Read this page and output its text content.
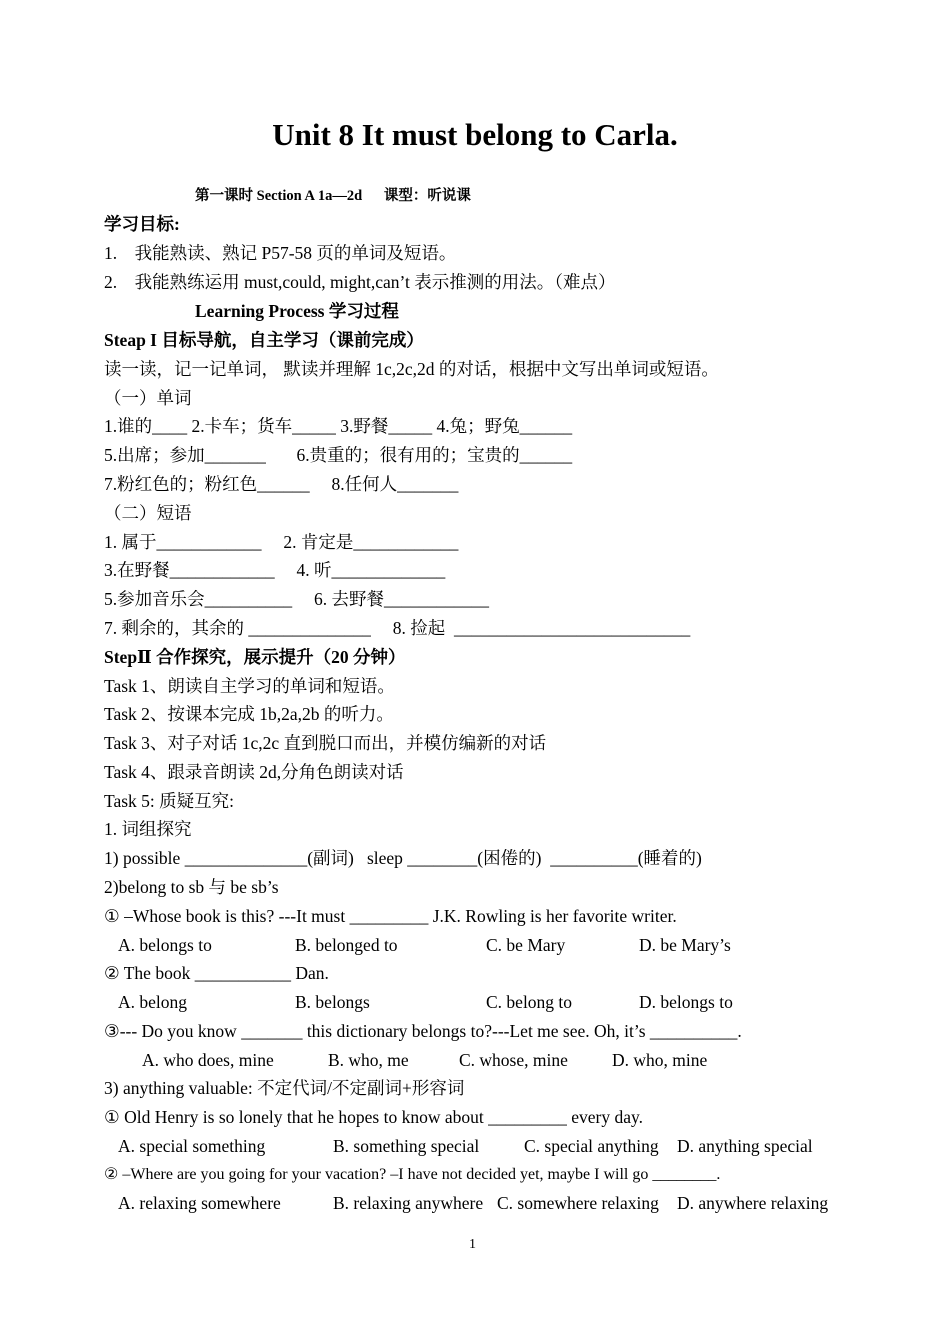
Unit 8 It must belong to Carla.
第一课时 Section A 1a—2d      课型：听说课
学习目标:
1.    我能熟读、熟记 P57-58 页的单词及短语。
2.    我能熟练运用 must,could, might,can’t 表示推测的用法。（难点）
Learning Process 学习过程
Steap I 目标导航，自主学习（课前完成）
读一读，记一记单词， 默读并理解 1c,2c,2d 的对话，根据中文写出单词或短语。
（一）单词
1.谁的____ 2.卡车；货车_____ 3.野餐_____ 4.兔；野兔______
5.出席；参加_______       6.贵重的；很有用的；宝贵的______
7.粉红色的；粉红色______     8.任何人_______
（二）短语
1. 属于____________     2. 肯定是____________
3.在野餐____________     4. 听_____________
5.参加音乐会__________     6. 去野餐____________
7. 剩余的，其余的 ______________     8. 捡起  ___________________________
StepⅡ 合作探究，展示提升（20 分钟）
Task 1、朗读自主学习的单词和短语。
Task 2、按课本完成 1b,2a,2b 的听力。
Task 3、对子对话 1c,2c 直到脱口而出，并模仿编新的对话
Task 4、跟录音朗读 2d,分角色朗读对话
Task 5: 质疑互究:
1. 词组探究
1) possible ______________(副词)   sleep ________(困倦的)  __________(睡着的)
2)belong to sb 与 be sb’s
① –Whose book is this? ---It must _________ J.K. Rowling is her favorite writer.
A. belongs to	B. belonged to	C. be Mary	D. be Mary’s
② The book ___________ Dan.
A. belong	B. belongs	C. belong to	D. belongs to
③--- Do you know _______ this dictionary belongs to?---Let me see. Oh, it’s __________.
A. who does, mine	B. who, me	C. whose, mine	D. who, mine
3) anything valuable: 不定代词/不定副词+形容词
① Old Henry is so lonely that he hopes to know about _________ every day.
A. special something	B. something special	C. special anything D. anything special
② –Where are you going for your vacation? –I have not decided yet, maybe I will go ________.
A. relaxing somewhere	B. relaxing anywhere C. somewhere relaxing D. anywhere relaxing
1
